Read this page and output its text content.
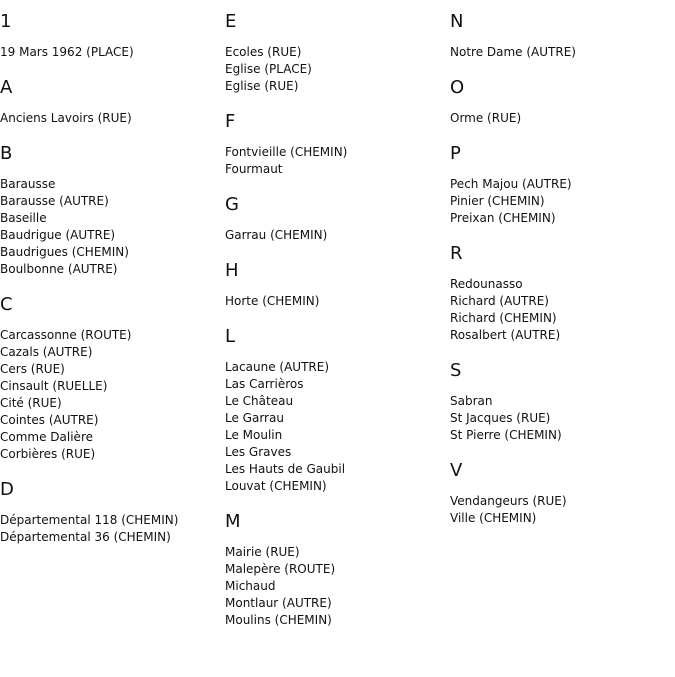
1
19 Mars 1962 (PLACE)
A
Anciens Lavoirs (RUE)
B
Barausse
Barausse (AUTRE)
Baseille
Baudrigue (AUTRE)
Baudrigues (CHEMIN)
Boulbonne (AUTRE)
C
Carcassonne (ROUTE)
Cazals (AUTRE)
Cers (RUE)
Cinsault (RUELLE)
Cité (RUE)
Cointes (AUTRE)
Comme Dalière
Corbières (RUE)
D
Départemental 118 (CHEMIN)
Départemental 36 (CHEMIN)
E
Ecoles (RUE)
Eglise (PLACE)
Eglise (RUE)
F
Fontvieille (CHEMIN)
Fourmaut
G
Garrau (CHEMIN)
H
Horte (CHEMIN)
L
Lacaune (AUTRE)
Las Carrièros
Le Château
Le Garrau
Le Moulin
Les Graves
Les Hauts de Gaubil
Louvat (CHEMIN)
M
Mairie (RUE)
Malepère (ROUTE)
Michaud
Montlaur (AUTRE)
Moulins (CHEMIN)
N
Notre Dame (AUTRE)
O
Orme (RUE)
P
Pech Majou (AUTRE)
Pinier (CHEMIN)
Preixan (CHEMIN)
R
Redounasso
Richard (AUTRE)
Richard (CHEMIN)
Rosalbert (AUTRE)
S
Sabran
St Jacques (RUE)
St Pierre (CHEMIN)
V
Vendangeurs (RUE)
Ville (CHEMIN)
